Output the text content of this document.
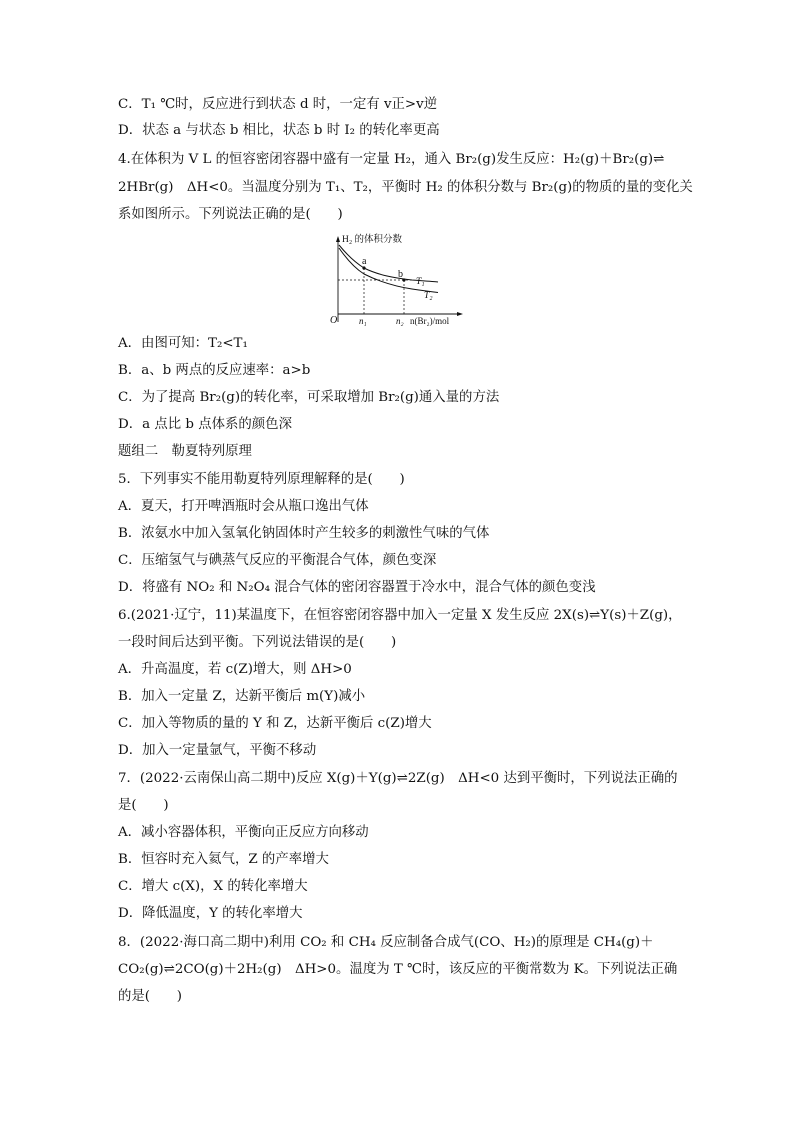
C．T₁ ℃时，反应进行到状态 d 时，一定有 v正>v逆
D．状态 a 与状态 b 相比，状态 b 时 I₂ 的转化率更高
4.在体积为 V L 的恒容密闭容器中盛有一定量 H₂，通入 Br₂(g)发生反应：H₂(g)＋Br₂(g)⇌
2HBr(g)　ΔH<0。当温度分别为 T₁、T₂，平衡时 H₂ 的体积分数与 Br₂(g)的物质的量的变化关
系如图所示。下列说法正确的是(　　)
H₂ 的体积分数
O
a
b
T₁
T₂
n₁	n₂ n(Br₂)/mol
A．由图可知：T₂<T₁
B．a、b 两点的反应速率：a>b
C．为了提高 Br₂(g)的转化率，可采取增加 Br₂(g)通入量的方法
D．a 点比 b 点体系的颜色深
题组二　勒夏特列原理
5．下列事实不能用勒夏特列原理解释的是(　　)
A．夏天，打开啤酒瓶时会从瓶口逸出气体
B．浓氨水中加入氢氧化钠固体时产生较多的刺激性气味的气体
C．压缩氢气与碘蒸气反应的平衡混合气体，颜色变深
D．将盛有 NO₂ 和 N₂O₄ 混合气体的密闭容器置于冷水中，混合气体的颜色变浅
6.(2021·辽宁，11)某温度下，在恒容密闭容器中加入一定量 X 发生反应 2X(s)⇌Y(s)＋Z(g)，
一段时间后达到平衡。下列说法错误的是(　　)
A．升高温度，若 c(Z)增大，则 ΔH>0
B．加入一定量 Z，达新平衡后 m(Y)减小
C．加入等物质的量的 Y 和 Z，达新平衡后 c(Z)增大
D．加入一定量氩气，平衡不移动
7．(2022·云南保山高二期中)反应 X(g)＋Y(g)⇌2Z(g)　ΔH<0 达到平衡时，下列说法正确的
是(　　)
A．减小容器体积，平衡向正反应方向移动
B．恒容时充入氦气，Z 的产率增大
C．增大 c(X)，X 的转化率增大
D．降低温度，Y 的转化率增大
8．(2022·海口高二期中)利用 CO₂ 和 CH₄ 反应制备合成气(CO、H₂)的原理是 CH₄(g)＋
CO₂(g)⇌2CO(g)＋2H₂(g)　ΔH>0。温度为 T ℃时，该反应的平衡常数为 K。下列说法正确
的是(　　)
